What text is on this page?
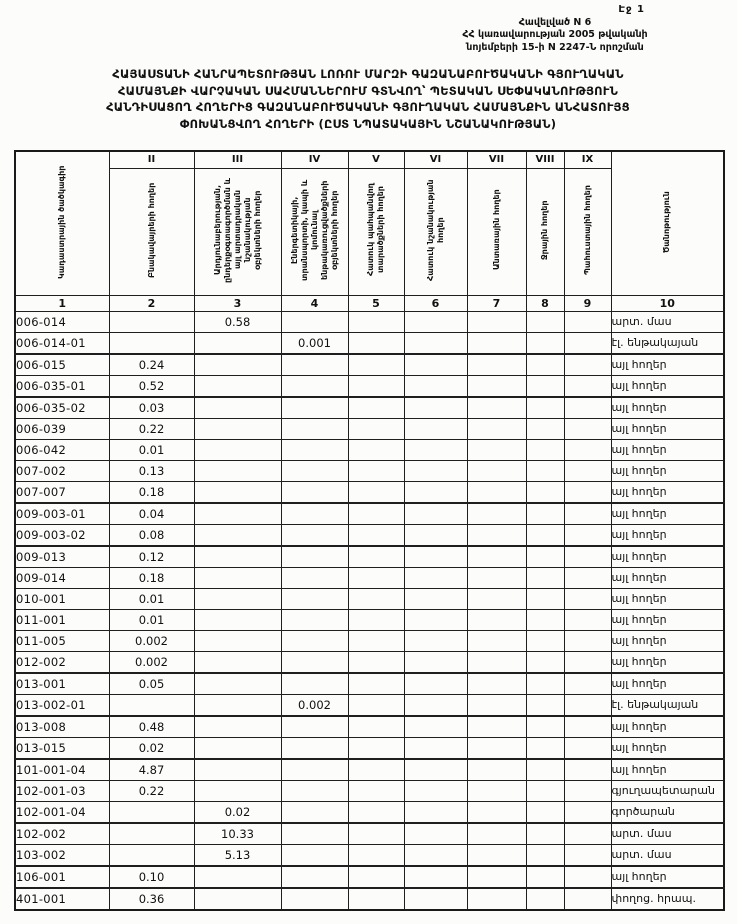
Էջ 1
Հավելված N 6
ՀՀ կառավարության 2005 թվականի
նոյեմբերի 15-ի N 2247-Ն որոշման
ՀԱՅԱՍՏԱՆԻ ՀԱՆՐԱՊԵՏՈՒԹՅԱՆ ԼՈՌՈՒ ՄԱՐԶԻ ԳԱԶԱՆԱԲՈՒԾԱԿԱՆԻ ԳՅՈՒՂԱԿԱՆ
ՀԱՄԱՅՆՔԻ ՎԱՐՉԱԿԱՆ ՍԱՀՄԱՆՆԵՐՈՒՄ ԳՏՆՎՈՂ՝ ՊԵՏԱԿԱՆ ՍԵՓԱԿԱՆՈՒԹՅՈՒՆ
ՀԱՆԴԻՍԱՑՈՂ ՀՈՂԵՐԻՑ ԳԱԶԱՆԱԲՈՒԾԱԿԱՆԻ ԳՅՈՒՂԱԿԱՆ ՀԱՄԱՅՆՔԻՆ ԱՆՀԱՏՈՒՅՑ
ՓՈԽԱՆՑՎՈՂ ՀՈՂԵՐԻ (ԸՍՏ ՆՊԱՏԱԿԱՅԻՆ ՆՇԱՆԱԿՈՒԹՅԱՆ)
Կադաստրային ծածկագիր	II	III	IV	V	VI	VII	VIII	IX	Ծանոթություն
	Բնակավայրերի հողեր	Արդյունաբերության, ընդերքօգտագործման և այլ արտադրական նշանակության օբյեկտների հողեր	Էներգետիկայի, տրանսպորտի, կապի և կոմունալ ենթակառուցվածքների օբյեկտների հողեր	Հատուկ պահպանվող տարածքների հողեր	Հատուկ նշանակության հողեր	Անտառային հողեր	Ջրային հողեր	Պահուստային հողեր	
1	2	3	4	5	6	7	8	9	10
006-014		0.58							արտ. մաս
006-014-01			0.001						էլ. ենթակայան
006-015	0.24								այլ հողեր
006-035-01	0.52								այլ հողեր
006-035-02	0.03								այլ հողեր
006-039	0.22								այլ հողեր
006-042	0.01								այլ հողեր
007-002	0.13								այլ հողեր
007-007	0.18								այլ հողեր
009-003-01	0.04								այլ հողեր
009-003-02	0.08								այլ հողեր
009-013	0.12								այլ հողեր
009-014	0.18								այլ հողեր
010-001	0.01								այլ հողեր
011-001	0.01								այլ հողեր
011-005	0.002								այլ հողեր
012-002	0.002								այլ հողեր
013-001	0.05								այլ հողեր
013-002-01			0.002						էլ. ենթակայան
013-008	0.48								այլ հողեր
013-015	0.02								այլ հողեր
101-001-04	4.87								այլ հողեր
102-001-03	0.22								գյուղապետարան
102-001-04		0.02							գործարան
102-002		10.33							արտ. մաս
103-002		5.13							արտ. մաս
106-001	0.10								այլ հողեր
401-001	0.36								փողոց. հրապ.
